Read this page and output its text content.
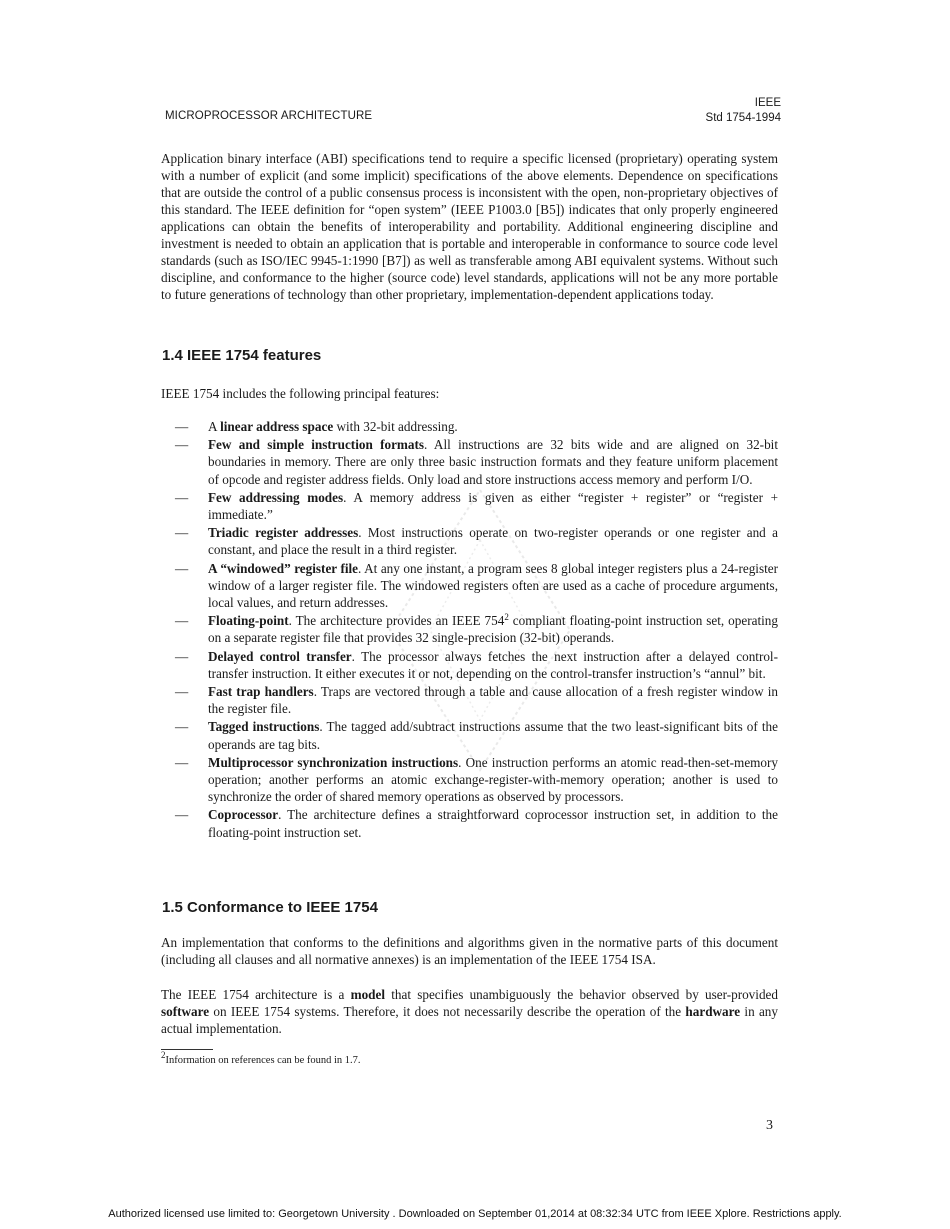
MICROPROCESSOR ARCHITECTURE
IEEE
Std 1754-1994

Application binary interface (ABI) specifications tend to require a specific licensed (proprietary) operating system with a number of explicit (and some implicit) specifications of the above elements. Dependence on specifications that are outside the control of a public consensus process is inconsistent with the open, non-proprietary objectives of this standard. The IEEE definition for “open system” (IEEE P1003.0 [B5]) indicates that only properly engineered applications can obtain the benefits of interoperability and portability. Additional engineering discipline and investment is needed to obtain an application that is portable and interoperable in conformance to source code level standards (such as ISO/IEC 9945-1:1990 [B7]) as well as transferable among ABI equivalent systems. Without such discipline, and conformance to the higher (source code) level standards, applications will not be any more portable to future generations of technology than other proprietary, implementation-dependent applications today.

1.4 IEEE 1754 features

IEEE 1754 includes the following principal features:

— A linear address space with 32-bit addressing.
— Few and simple instruction formats. All instructions are 32 bits wide and are aligned on 32-bit boundaries in memory. There are only three basic instruction formats and they feature uniform placement of opcode and register address fields. Only load and store instructions access memory and perform I/O.
— Few addressing modes. A memory address is given as either “register + register” or “register + immediate.”
— Triadic register addresses. Most instructions operate on two-register operands or one register and a constant, and place the result in a third register.
— A “windowed” register file. At any one instant, a program sees 8 global integer registers plus a 24-register window of a larger register file. The windowed registers often are used as a cache of procedure arguments, local values, and return addresses.
— Floating-point. The architecture provides an IEEE $754^2$ compliant floating-point instruction set, operating on a separate register file that provides 32 single-precision (32-bit) operands.
— Delayed control transfer. The processor always fetches the next instruction after a delayed control-transfer instruction. It either executes it or not, depending on the control-transfer instruction’s “annul” bit.
— Fast trap handlers. Traps are vectored through a table and cause allocation of a fresh register window in the register file.
— Tagged instructions. The tagged add/subtract instructions assume that the two least-significant bits of the operands are tag bits.
— Multiprocessor synchronization instructions. One instruction performs an atomic read-then-set-memory operation; another performs an atomic exchange-register-with-memory operation; another is used to synchronize the order of shared memory operations as observed by processors.
— Coprocessor. The architecture defines a straightforward coprocessor instruction set, in addition to the floating-point instruction set.
1.5 Conformance to IEEE 1754

An implementation that conforms to the definitions and algorithms given in the normative parts of this document (including all clauses and all normative annexes) is an implementation of the IEEE 1754 ISA.

The IEEE 1754 architecture is a model that specifies unambiguously the behavior observed by user-provided software on IEEE 1754 systems. Therefore, it does not necessarily describe the operation of the hardware in any actual implementation.

$^2$Information on references can be found in 1.7.
3
Authorized licensed use limited to: Georgetown University . Downloaded on September 01,2014 at 08:32:34 UTC from IEEE Xplore. Restrictions apply.
